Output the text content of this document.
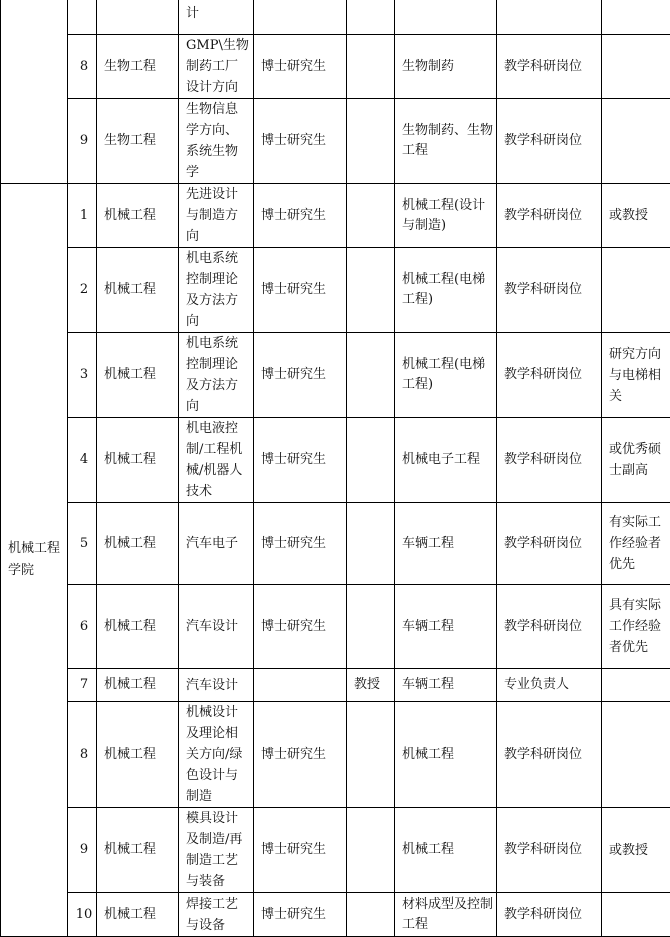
			计					
	8	生物工程	GMP\生物制药工厂设计方向	博士研究生		生物制药	教学科研岗位	
	9	生物工程	生物信息学方向、系统生物学	博士研究生		生物制药、生物工程	教学科研岗位	
机械工程学院	1	机械工程	先进设计与制造方向	博士研究生		机械工程(设计与制造)	教学科研岗位	或教授
	2	机械工程	机电系统控制理论及方法方向	博士研究生		机械工程(电梯工程)	教学科研岗位	
	3	机械工程	机电系统控制理论及方法方向	博士研究生		机械工程(电梯工程)	教学科研岗位	研究方向与电梯相关
	4	机械工程	机电液控制/工程机械/机器人技术	博士研究生		机械电子工程	教学科研岗位	或优秀硕士副高
	5	机械工程	汽车电子	博士研究生		车辆工程	教学科研岗位	有实际工作经验者优先
	6	机械工程	汽车设计	博士研究生		车辆工程	教学科研岗位	具有实际工作经验者优先
	7	机械工程	汽车设计		教授	车辆工程	专业负责人	
	8	机械工程	机械设计及理论相关方向/绿色设计与制造	博士研究生		机械工程	教学科研岗位	
	9	机械工程	模具设计及制造/再制造工艺与装备	博士研究生		机械工程	教学科研岗位	或教授
	10	机械工程	焊接工艺与设备	博士研究生		材料成型及控制工程	教学科研岗位	
